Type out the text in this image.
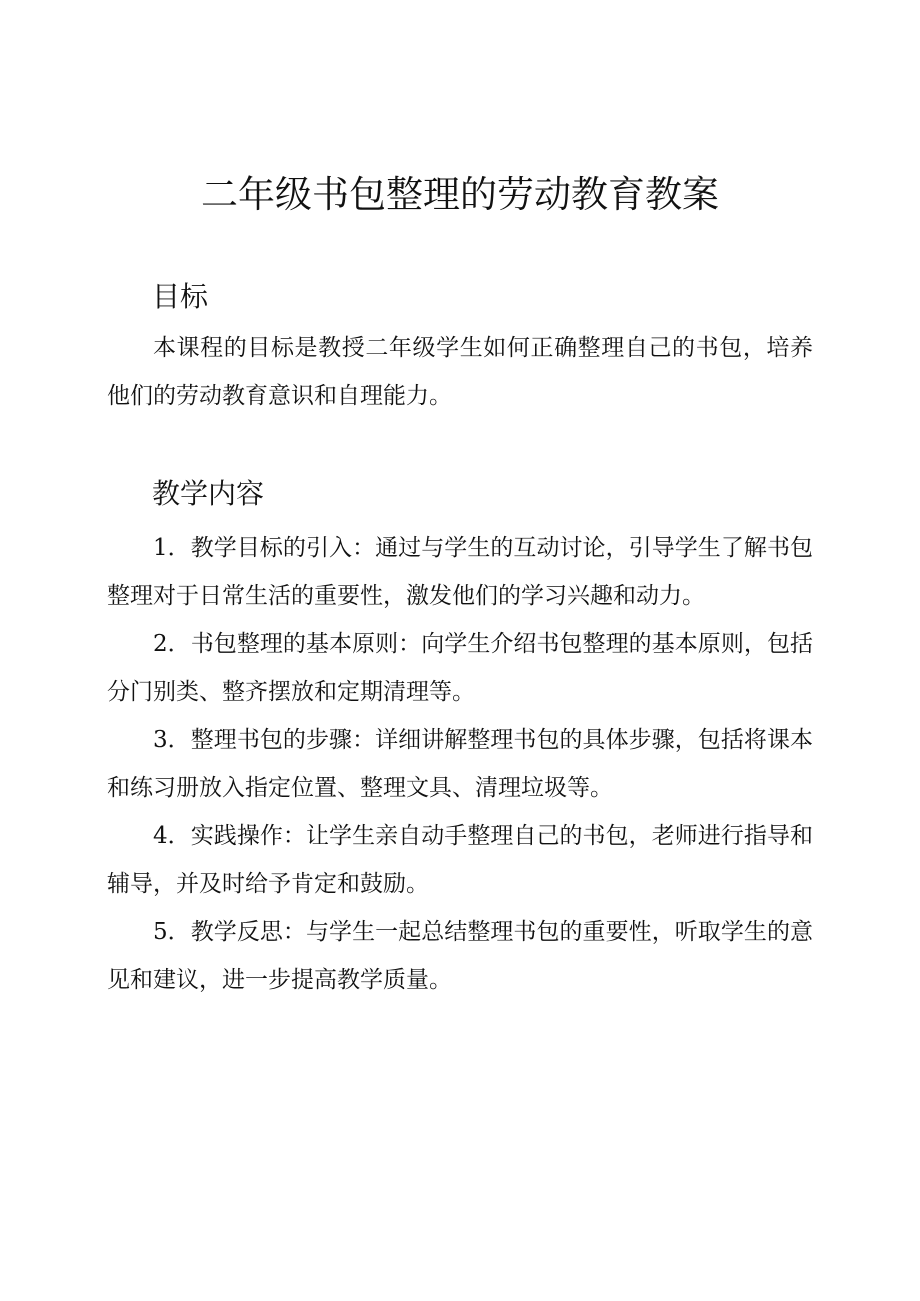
二年级书包整理的劳动教育教案
目标

本课程的目标是教授二年级学生如何正确整理自己的书包，培养他们的劳动教育意识和自理能力。

教学内容

1．教学目标的引入：通过与学生的互动讨论，引导学生了解书包整理对于日常生活的重要性，激发他们的学习兴趣和动力。

2．书包整理的基本原则：向学生介绍书包整理的基本原则，包括分门别类、整齐摆放和定期清理等。

3．整理书包的步骤：详细讲解整理书包的具体步骤，包括将课本和练习册放入指定位置、整理文具、清理垃圾等。

4．实践操作：让学生亲自动手整理自己的书包，老师进行指导和辅导，并及时给予肯定和鼓励。

5．教学反思：与学生一起总结整理书包的重要性，听取学生的意见和建议，进一步提高教学质量。
